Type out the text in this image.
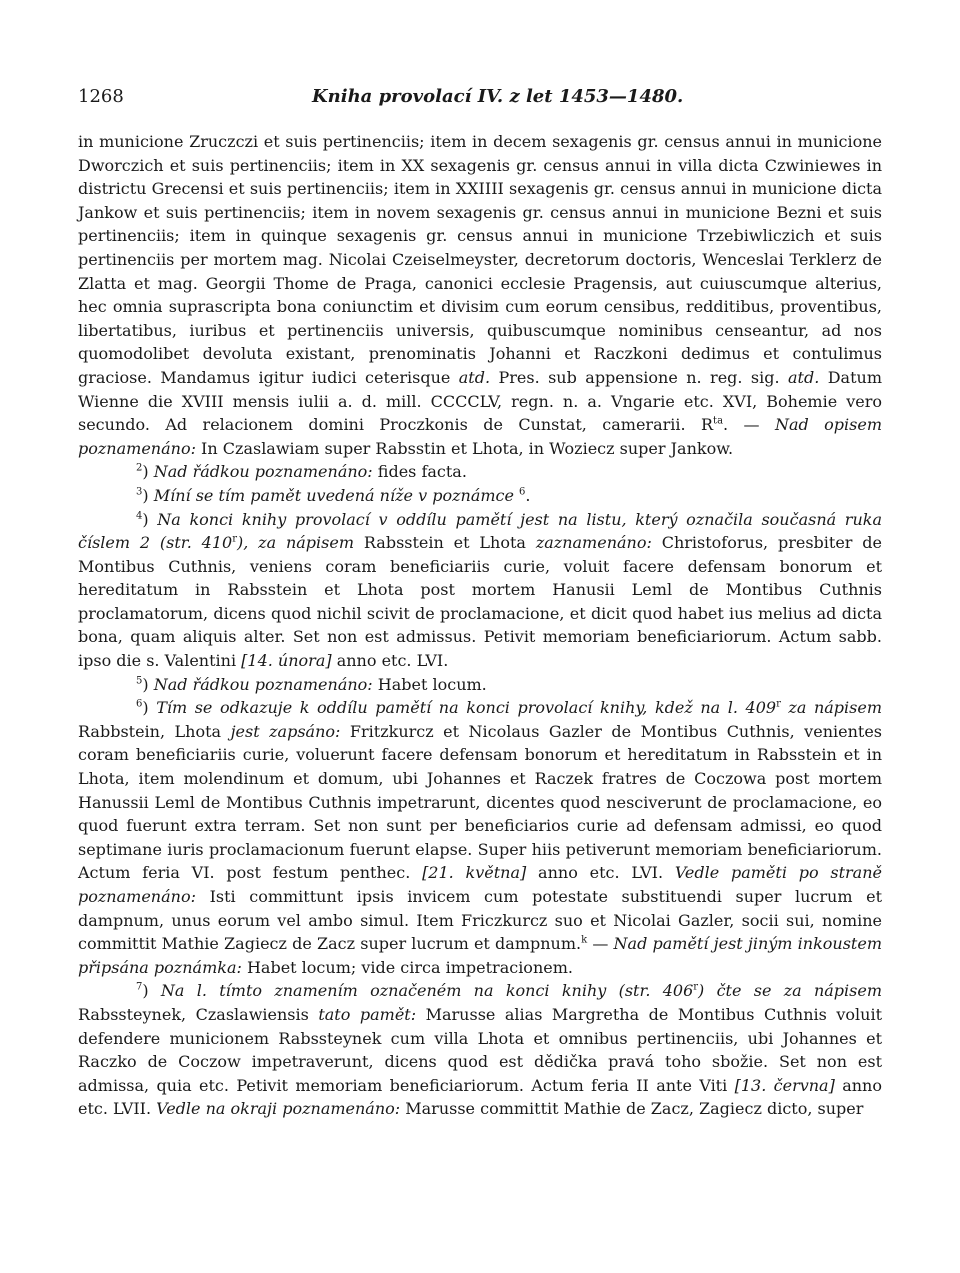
1268	Kniha provolací IV. z let 1453—1480.

in municione Zruczczi et suis pertinenciis; item in decem sexagenis gr. census annui in municione Dworczich et suis pertinenciis; item in XX sexagenis gr. census annui in villa dicta Czwiniewes in districtu Grecensi et suis pertinenciis; item in XXIIII sexagenis gr. census annui in municione dicta Jankow et suis pertinenciis; item in novem sexagenis gr. census annui in municione Bezni et suis pertinenciis; item in quinque sexagenis gr. census annui in municione Trzebiwliczich et suis pertinenciis per mortem mag. Nicolai Czeiselmeyster, decretorum doctoris, Wenceslai Terklerz de Zlatta et mag. Georgii Thome de Praga, canonici ecclesie Pragensis, aut cuiuscumque alterius, hec omnia suprascripta bona coniunctim et divisim cum eorum censibus, redditibus, proventibus, libertatibus, iuribus et pertinenciis universis, quibuscumque nominibus censeantur, ad nos quomodolibet devoluta existant, prenominatis Johanni et Raczkoni dedimus et contulimus graciose. Mandamus igitur iudici ceterisque atd. Pres. sub appensione n. reg. sig. atd. Datum Wienne die XVIII mensis iulii a. d. mill. CCCCLV, regn. n. a. Vngarie etc. XVI, Bohemie vero secundo. Ad relacionem domini Proczkonis de Cunstat, camerarii. $R^{ta}$. — Nad opisem poznamenáno: In Czaslawiam super Rabsstin et Lhota, in Woziecz super Jankow.

$^2$) Nad řádkou poznamenáno: fides facta.

$^3$) Míní se tím pamět uvedená níže v poznámce $^6$.

$^4$) Na konci knihy provolací v oddílu pamětí jest na listu, který označila současná ruka číslem 2 (str. 410$^r$), za nápisem Rabsstein et Lhota zaznamenáno: Christoforus, presbiter de Montibus Cuthnis, veniens coram beneficiariis curie, voluit facere defensam bonorum et hereditatum in Rabsstein et Lhota post mortem Hanusii Leml de Montibus Cuthnis proclamatorum, dicens quod nichil scivit de proclamacione, et dicit quod habet ius melius ad dicta bona, quam aliquis alter. Set non est admissus. Petivit memoriam beneficiariorum. Actum sabb. ipso die s. Valentini [14. února] anno etc. LVI.

$^5$) Nad řádkou poznamenáno: Habet locum.

$^6$) Tím se odkazuje k oddílu pamětí na konci provolací knihy, kdež na l. 409$^r$ za nápisem Rabbstein, Lhota jest zapsáno: Fritzkurcz et Nicolaus Gazler de Montibus Cuthnis, venientes coram beneficiariis curie, voluerunt facere defensam bonorum et hereditatum in Rabsstein et in Lhota, item molendinum et domum, ubi Johannes et Raczek fratres de Coczowa post mortem Hanussii Leml de Montibus Cuthnis impetrarunt, dicentes quod nesciverunt de proclamacione, eo quod fuerunt extra terram. Set non sunt per beneficiarios curie ad defensam admissi, eo quod septimane iuris proclamacionum fuerunt elapse. Super hiis petiverunt memoriam beneficiariorum. Actum feria VI. post festum penthec. [21. května] anno etc. LVI. Vedle paměti po straně poznamenáno: Isti committunt ipsis invicem cum potestate substituendi super lucrum et dampnum, unus eorum vel ambo simul. Item Friczkurcz suo et Nicolai Gazler, socii sui, nomine committit Mathie Zagiecz de Zacz super lucrum et dampnum.$^k$ — Nad pamětí jest jiným inkoustem připsána poznámka: Habet locum; vide circa impetracionem.

$^7$) Na l. tímto znamením označeném na konci knihy (str. 406$^r$) čte se za nápisem Rabssteynek, Czaslawiensis tato pamět: Marusse alias Margretha de Montibus Cuthnis voluit defendere municionem Rabssteynek cum villa Lhota et omnibus pertinenciis, ubi Johannes et Raczko de Coczow impetraverunt, dicens quod est dědička pravá toho sbožie. Set non est admissa, quia etc. Petivit memoriam beneficiariorum. Actum feria II ante Viti [13. června] anno etc. LVII. Vedle na okraji poznamenáno: Marusse committit Mathie de Zacz, Zagiecz dicto, super
